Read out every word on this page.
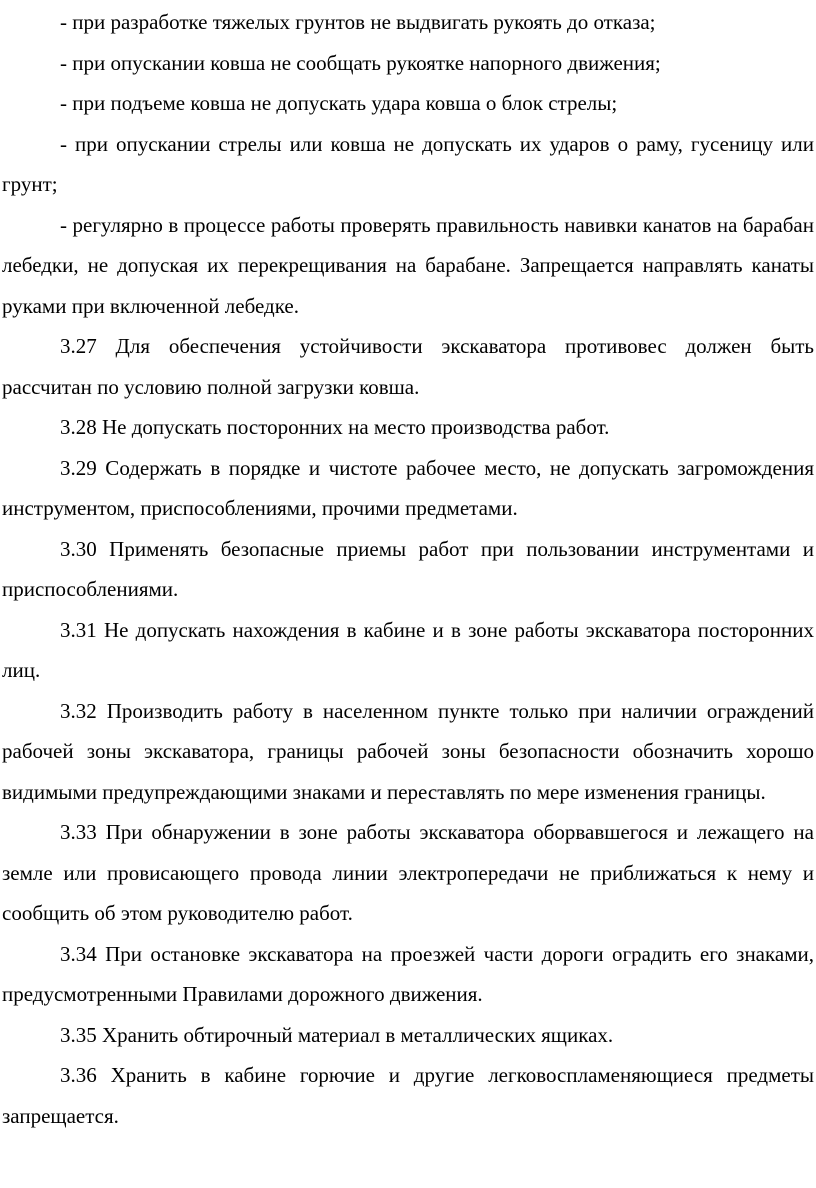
- при разработке тяжелых грунтов не выдвигать рукоять до отказа;

- при опускании ковша не сообщать рукоятке напорного движения;

- при подъеме ковша не допускать удара ковша о блок стрелы;

- при опускании стрелы или ковша не допускать их ударов о раму, гусеницу или грунт;

- регулярно в процессе работы проверять правильность навивки канатов на барабан лебедки, не допуская их перекрещивания на барабане. Запрещается направлять канаты руками при включенной лебедке.

3.27 Для обеспечения устойчивости экскаватора противовес должен быть рассчитан по условию полной загрузки ковша.

3.28 Не допускать посторонних на место производства работ.

3.29 Содержать в порядке и чистоте рабочее место, не допускать загромождения инструментом, приспособлениями, прочими предметами.

3.30 Применять безопасные приемы работ при пользовании инструментами и приспособлениями.

3.31 Не допускать нахождения в кабине и в зоне работы экскаватора посторонних лиц.

3.32 Производить работу в населенном пункте только при наличии ограждений рабочей зоны экскаватора, границы рабочей зоны безопасности обозначить хорошо видимыми предупреждающими знаками и переставлять по мере изменения границы.

3.33 При обнаружении в зоне работы экскаватора оборвавшегося и лежащего на земле или провисающего провода линии электропередачи не приближаться к нему и сообщить об этом руководителю работ.

3.34 При остановке экскаватора на проезжей части дороги оградить его знаками, предусмотренными Правилами дорожного движения.

3.35 Хранить обтирочный материал в металлических ящиках.

3.36 Хранить в кабине горючие и другие легковоспламеняющиеся предметы запрещается.
